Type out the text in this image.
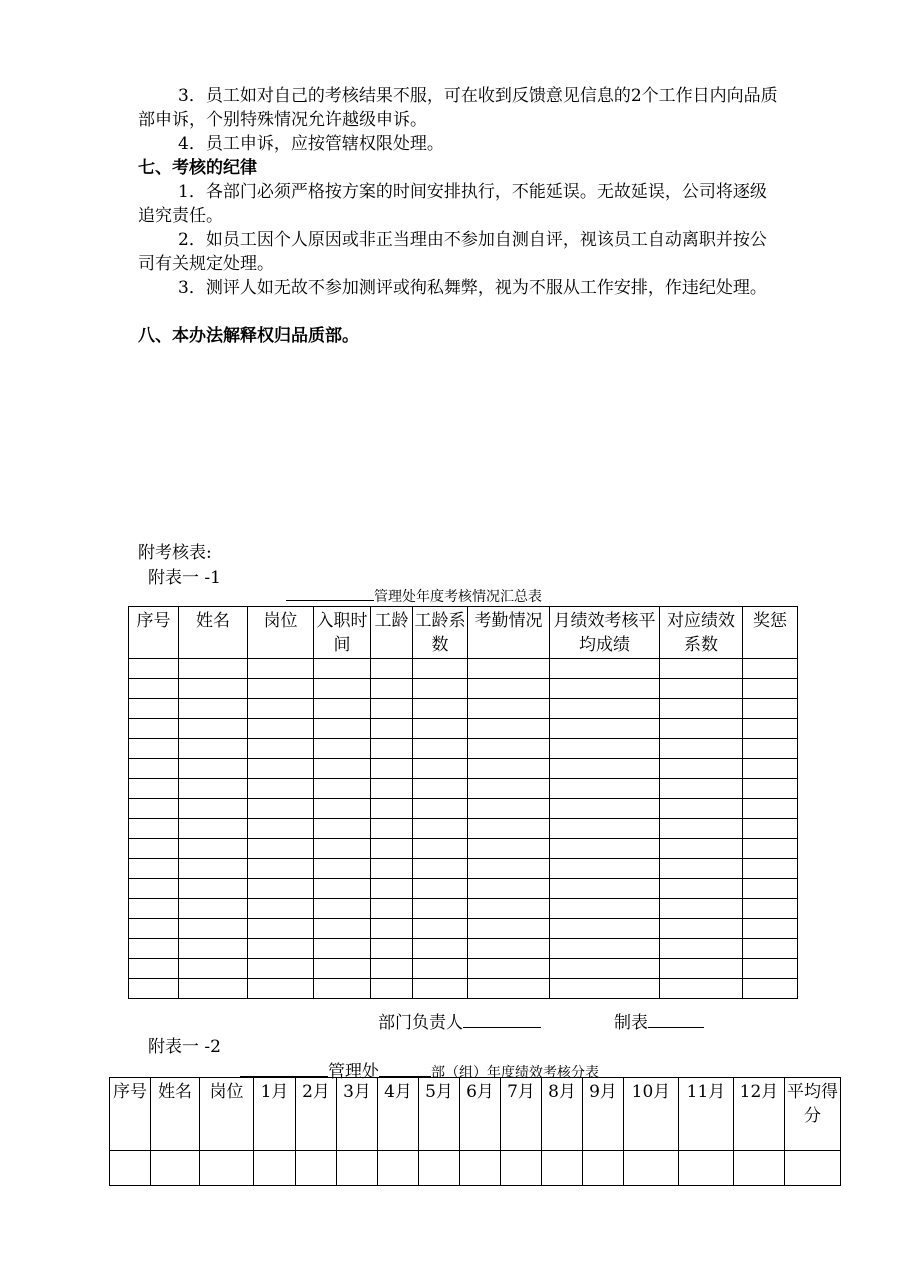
3．员工如对自己的考核结果不服，可在收到反馈意见信息的2个工作日内向品质部申诉，个别特殊情况允许越级申诉。

4．员工申诉，应按管辖权限处理。

七、考核的纪律

1．各部门必须严格按方案的时间安排执行，不能延误。无故延误，公司将逐级追究责任。

2．如员工因个人原因或非正当理由不参加自测自评，视该员工自动离职并按公司有关规定处理。

3．测评人如无故不参加测评或徇私舞弊，视为不服从工作安排，作违纪处理。

八、本办法解释权归品质部。

附考核表:

附表一 -1

管理处年度考核情况汇总表

序号	姓名	岗位	入职时间	工龄	工龄系数	考勤情况	月绩效考核平均成绩	对应绩效系数	奖惩

部门负责人	制表

附表一 -2

管理处	部（组）年度绩效考核分表

序号	姓名	岗位	1月	2月	3月	4月	5月	6月	7月	8月	9月	10月	11月	12月	平均得分
